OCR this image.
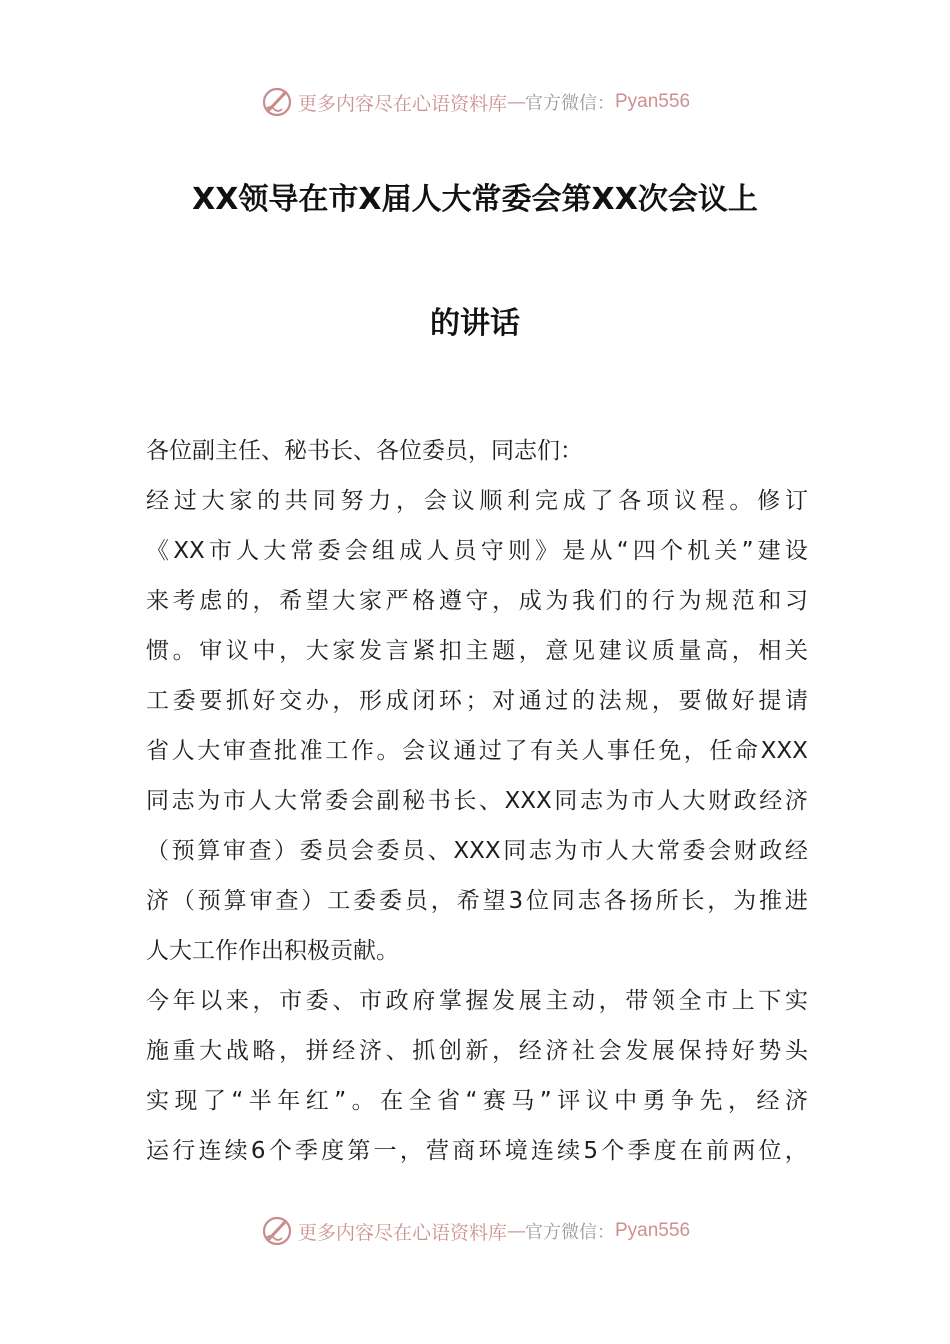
更多内容尽在心语资料库 — 官方微信： Pyan556
XX领导在市X届人大常委会第XX次会议上
的讲话
各位副主任、秘书长、各位委员，同志们：
经 过 大 家 的 共 同 努 力 ， 会 议 顺 利 完 成 了 各 项 议 程 。 修 订
《 XX 市 人 大 常 委 会 组 成 人 员 守 则 》 是 从 “ 四 个 机 关 ” 建 设
来 考 虑 的 ， 希 望 大 家 严 格 遵 守 ， 成 为 我 们 的 行 为 规 范 和 习
惯 。 审 议 中 ， 大 家 发 言 紧 扣 主 题 ， 意 见 建 议 质 量 高 ， 相 关
工 委 要 抓 好 交 办 ， 形 成 闭 环 ； 对 通 过 的 法 规 ， 要 做 好 提 请
省 人 大 审 查 批 准 工 作 。 会 议 通 过 了 有 关 人 事 任 免 ， 任 命 XXX
同 志 为 市 人 大 常 委 会 副 秘 书 长 、 XXX 同 志 为 市 人 大 财 政 经 济
（ 预 算 审 查 ） 委 员 会 委 员 、 XXX 同 志 为 市 人 大 常 委 会 财 政 经
济 （ 预 算 审 查 ） 工 委 委 员 ， 希 望 3 位 同 志 各 扬 所 长 ， 为 推 进
人大工作作出积极贡献。
今 年 以 来 ， 市 委 、 市 政 府 掌 握 发 展 主 动 ， 带 领 全 市 上 下 实
施 重 大 战 略 ， 拼 经 济 、 抓 创 新 ， 经 济 社 会 发 展 保 持 好 势 头
实 现 了 “ 半 年 红 ” 。 在 全 省 “ 赛 马 ” 评 议 中 勇 争 先 ， 经 济
运 行 连 续 6 个 季 度 第 一 ， 营 商 环 境 连 续 5 个 季 度 在 前 两 位 ，
更多内容尽在心语资料库 — 官方微信： Pyan556
